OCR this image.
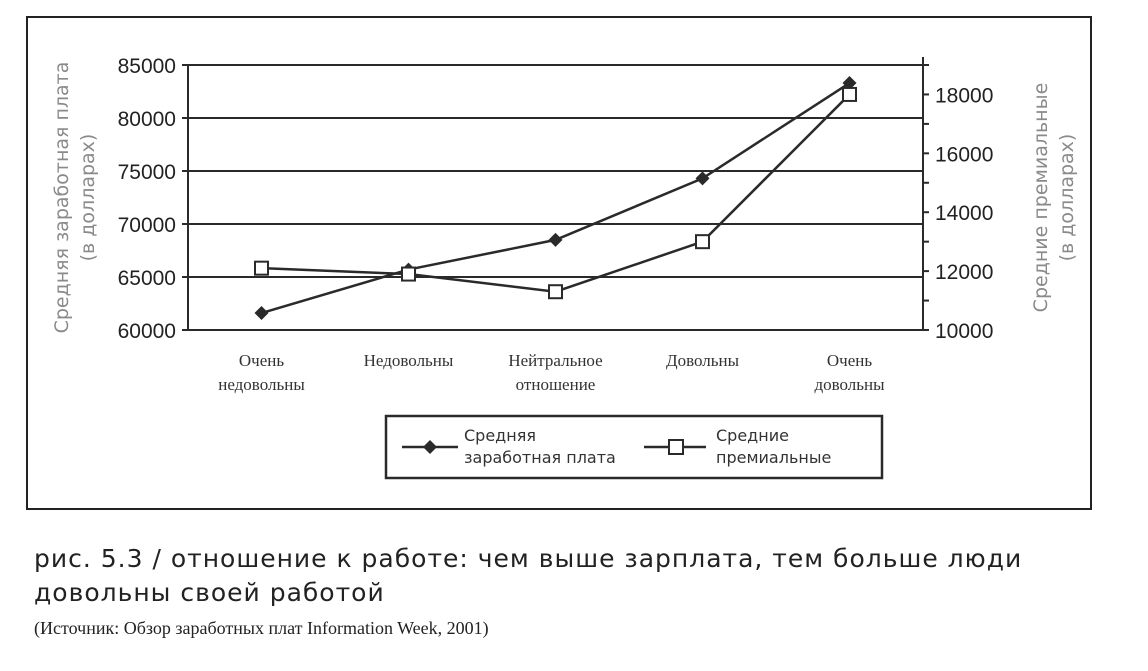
60000
65000
70000
75000
80000
85000
10000
12000
14000
16000
18000
Очень
недовольны
Недовольны	Нейтральное
отношение
Довольны	Очень
довольны
Средняя заработная плата (в долларах)	Средние премиальные (в долларах)
Средняя
заработная плата
Средние
премиальные
рис. 5.3 / отношение к работе: чем выше зарплата, тем больше люди
довольны своей работой
(Источник: Обзор заработных плат Information Week, 2001)
